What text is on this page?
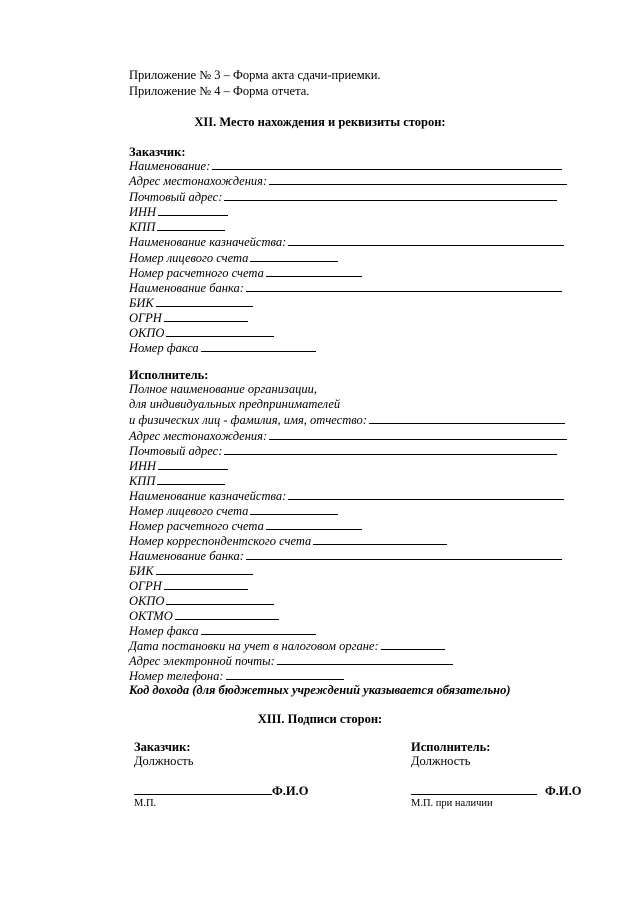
Приложение № 3 – Форма акта сдачи-приемки.
Приложение № 4 – Форма отчета.
XII. Место нахождения и реквизиты сторон:
Заказчик:
Наименование:
Адрес местонахождения:
Почтовый адрес:
ИНН
КПП
Наименование казначейства:
Номер лицевого счета
Номер расчетного счета
Наименование банка:
БИК
ОГРН
ОКПО
Номер факса
Исполнитель:
Полное наименование организации,
для индивидуальных предпринимателей
и физических лиц - фамилия, имя, отчество:
Адрес местонахождения:
Почтовый адрес:
ИНН
КПП
Наименование казначейства:
Номер лицевого счета
Номер расчетного счета
Номер корреспондентского счета
Наименование банка:
БИК
ОГРН
ОКПО
ОКТМО
Номер факса
Дата постановки на учет в налоговом органе:
Адрес электронной почты:
Номер телефона:
Код дохода (для бюджетных учреждений указывается обязательно)
XIII. Подписи сторон:
Заказчик:
Должность
Ф.И.О
М.П.
Исполнитель:
Должность
Ф.И.О
М.П. при наличии
